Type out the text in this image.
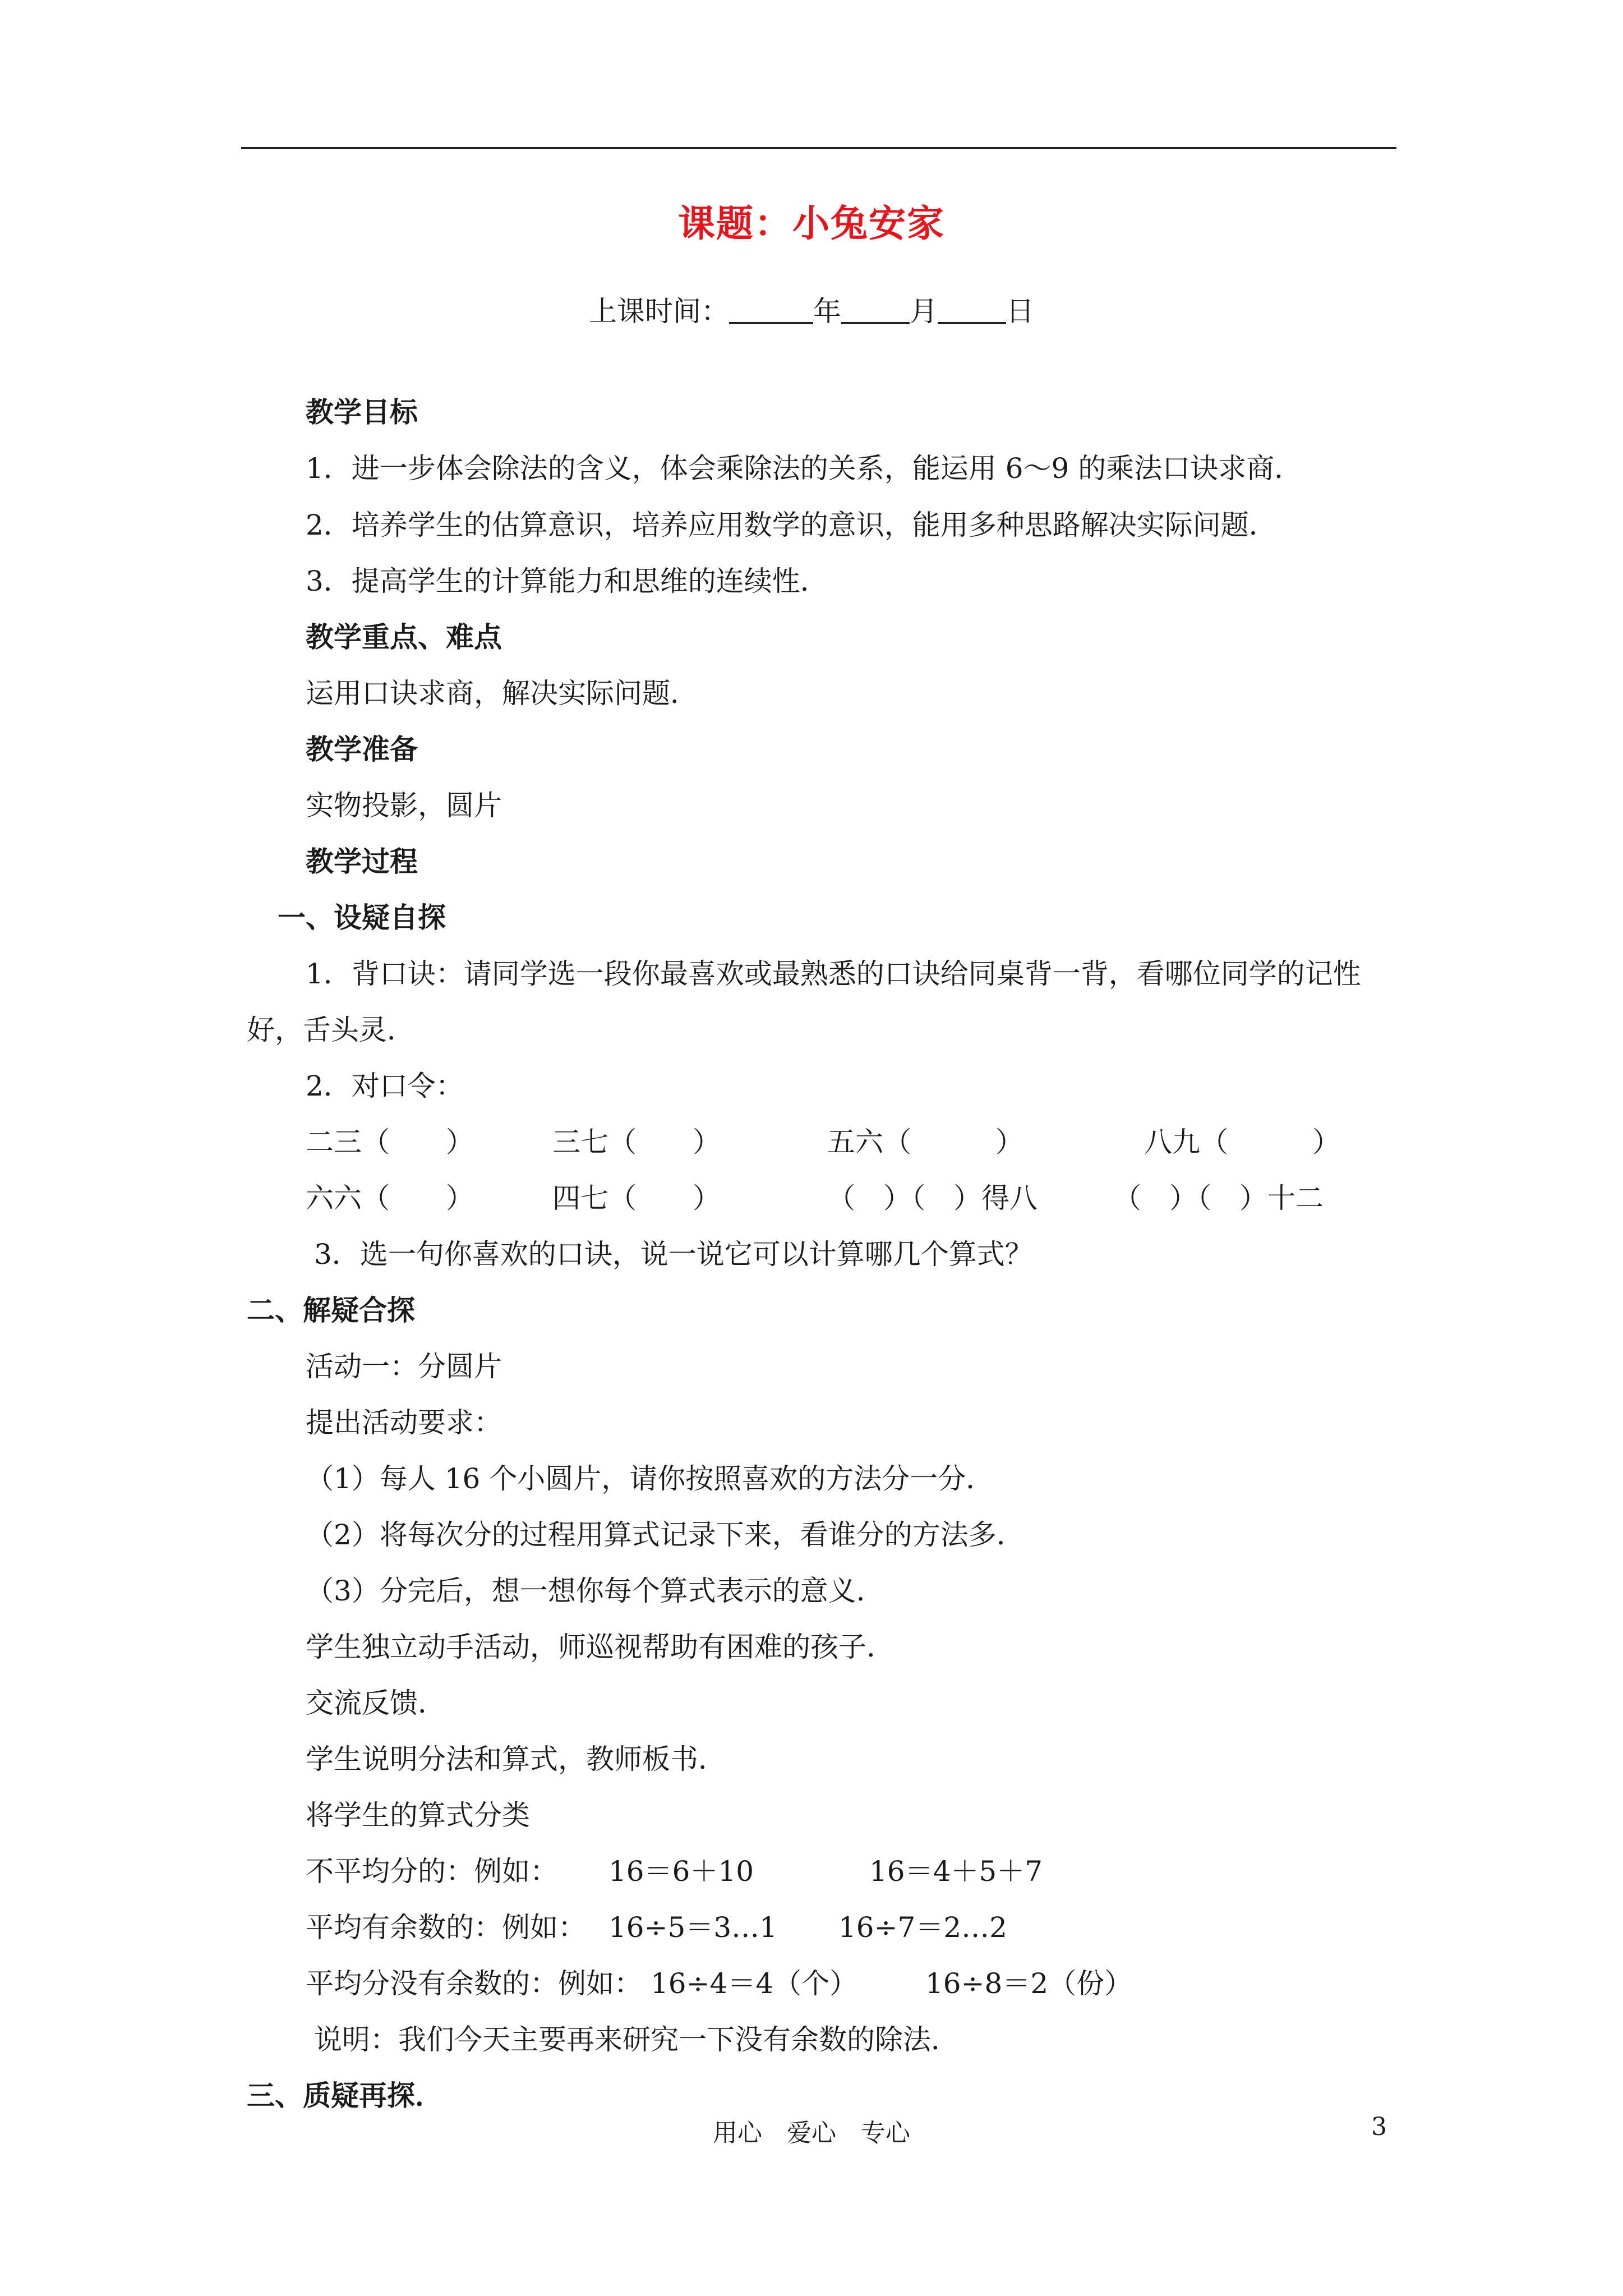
课题：小兔安家
上课时间：	年 月 日
教学目标
1．进一步体会除法的含义，体会乘除法的关系，能运用 6～9 的乘法口诀求商．
2．培养学生的估算意识，培养应用数学的意识，能用多种思路解决实际问题．
3．提高学生的计算能力和思维的连续性．
教学重点、难点
运用口诀求商，解决实际问题．
教学准备
实物投影，圆片
教学过程
一、设疑自探
1．背口诀：请同学选一段你最喜欢或最熟悉的口诀给同桌背一背，看哪位同学的记性
好，舌头灵．
2．对口令：
二三（　　）	三七（　　）	五六（　　　）	八九（　　　）
六六（　　）	四七（　　）	（　）（　）得八	（　）（　）十二
3．选一句你喜欢的口诀，说一说它可以计算哪几个算式？
二、解疑合探
活动一：分圆片
提出活动要求：
（1）每人 16 个小圆片，请你按照喜欢的方法分一分．
（2）将每次分的过程用算式记录下来，看谁分的方法多．
（3）分完后，想一想你每个算式表示的意义．
学生独立动手活动，师巡视帮助有困难的孩子．
交流反馈．
学生说明分法和算式，教师板书．
将学生的算式分类
不平均分的：例如： 16＝6＋10	16＝4＋5＋7
平均有余数的：例如： 16÷5＝3…1 16÷7＝2…2
平均分没有余数的：例如： 16÷4＝4（个） 16÷8＝2（份）
说明：我们今天主要再来研究一下没有余数的除法．
三、质疑再探．
用心　爱心　专心	3
